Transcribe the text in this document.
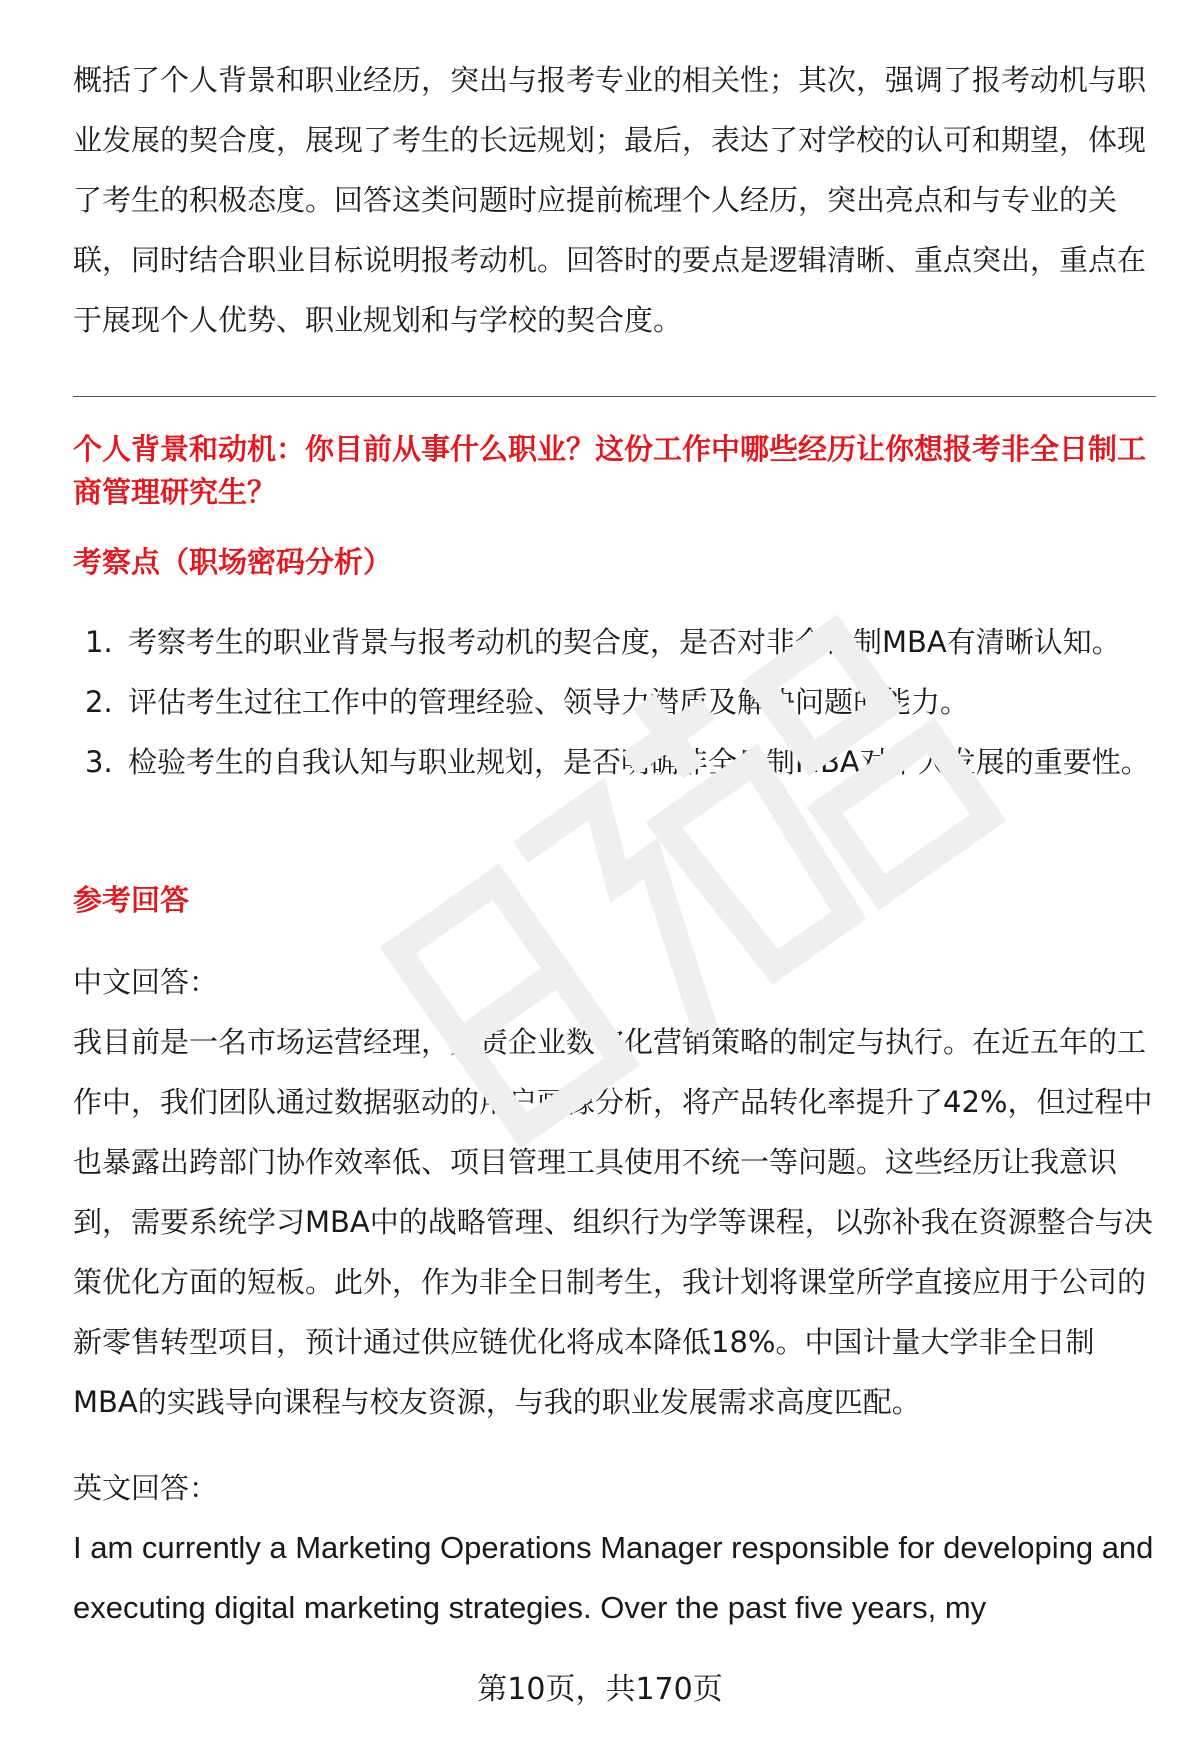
概括了个人背景和职业经历，突出与报考专业的相关性；其次，强调了报考动机与职业发展的契合度，展现了考生的长远规划；最后，表达了对学校的认可和期望，体现了考生的积极态度。回答这类问题时应提前梳理个人经历，突出亮点和与专业的关联，同时结合职业目标说明报考动机。回答时的要点是逻辑清晰、重点突出，重点在于展现个人优势、职业规划和与学校的契合度。

个人背景和动机：你目前从事什么职业？这份工作中哪些经历让你想报考非全日制工商管理研究生？

考察点（职场密码分析）

1. 考察考生的职业背景与报考动机的契合度，是否对非全日制MBA有清晰认知。
2. 评估考生过往工作中的管理经验、领导力潜质及解决问题的能力。
3. 检验考生的自我认知与职业规划，是否明确非全日制MBA对个人发展的重要性。

参考回答

中文回答：

我目前是一名市场运营经理，负责企业数字化营销策略的制定与执行。在近五年的工作中，我们团队通过数据驱动的用户画像分析，将产品转化率提升了42%，但过程中也暴露出跨部门协作效率低、项目管理工具使用不统一等问题。这些经历让我意识到，需要系统学习MBA中的战略管理、组织行为学等课程，以弥补我在资源整合与决策优化方面的短板。此外，作为非全日制考生，我计划将课堂所学直接应用于公司的新零售转型项目，预计通过供应链优化将成本降低18%。中国计量大学非全日制MBA的实践导向课程与校友资源，与我的职业发展需求高度匹配。

英文回答：

I am currently a Marketing Operations Manager responsible for developing and executing digital marketing strategies. Over the past five years, my

第10页，共170页
